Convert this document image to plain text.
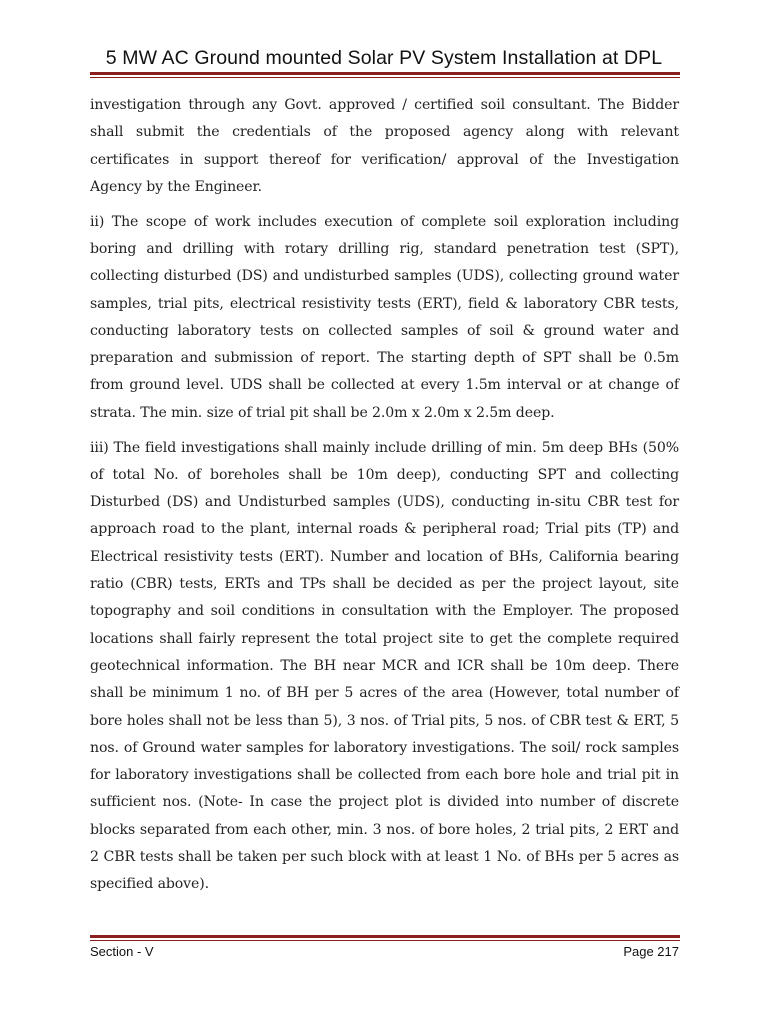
5 MW AC Ground mounted Solar PV System Installation at DPL

investigation through any Govt. approved / certified soil consultant. The Bidder shall submit the credentials of the proposed agency along with relevant certificates in support thereof for verification/ approval of the Investigation Agency by the Engineer.

ii) The scope of work includes execution of complete soil exploration including boring and drilling with rotary drilling rig, standard penetration test (SPT), collecting disturbed (DS) and undisturbed samples (UDS), collecting ground water samples, trial pits, electrical resistivity tests (ERT), field & laboratory CBR tests, conducting laboratory tests on collected samples of soil & ground water and preparation and submission of report. The starting depth of SPT shall be 0.5m from ground level. UDS shall be collected at every 1.5m interval or at change of strata. The min. size of trial pit shall be 2.0m x 2.0m x 2.5m deep.

iii) The field investigations shall mainly include drilling of min. 5m deep BHs (50% of total No. of boreholes shall be 10m deep), conducting SPT and collecting Disturbed (DS) and Undisturbed samples (UDS), conducting in-situ CBR test for approach road to the plant, internal roads & peripheral road; Trial pits (TP) and Electrical resistivity tests (ERT). Number and location of BHs, California bearing ratio (CBR) tests, ERTs and TPs shall be decided as per the project layout, site topography and soil conditions in consultation with the Employer. The proposed locations shall fairly represent the total project site to get the complete required geotechnical information. The BH near MCR and ICR shall be 10m deep. There shall be minimum 1 no. of BH per 5 acres of the area (However, total number of bore holes shall not be less than 5), 3 nos. of Trial pits, 5 nos. of CBR test & ERT, 5 nos. of Ground water samples for laboratory investigations. The soil/ rock samples for laboratory investigations shall be collected from each bore hole and trial pit in sufficient nos. (Note- In case the project plot is divided into number of discrete blocks separated from each other, min. 3 nos. of bore holes, 2 trial pits, 2 ERT and 2 CBR tests shall be taken per such block with at least 1 No. of BHs per 5 acres as specified above).

Section - V	Page 217
